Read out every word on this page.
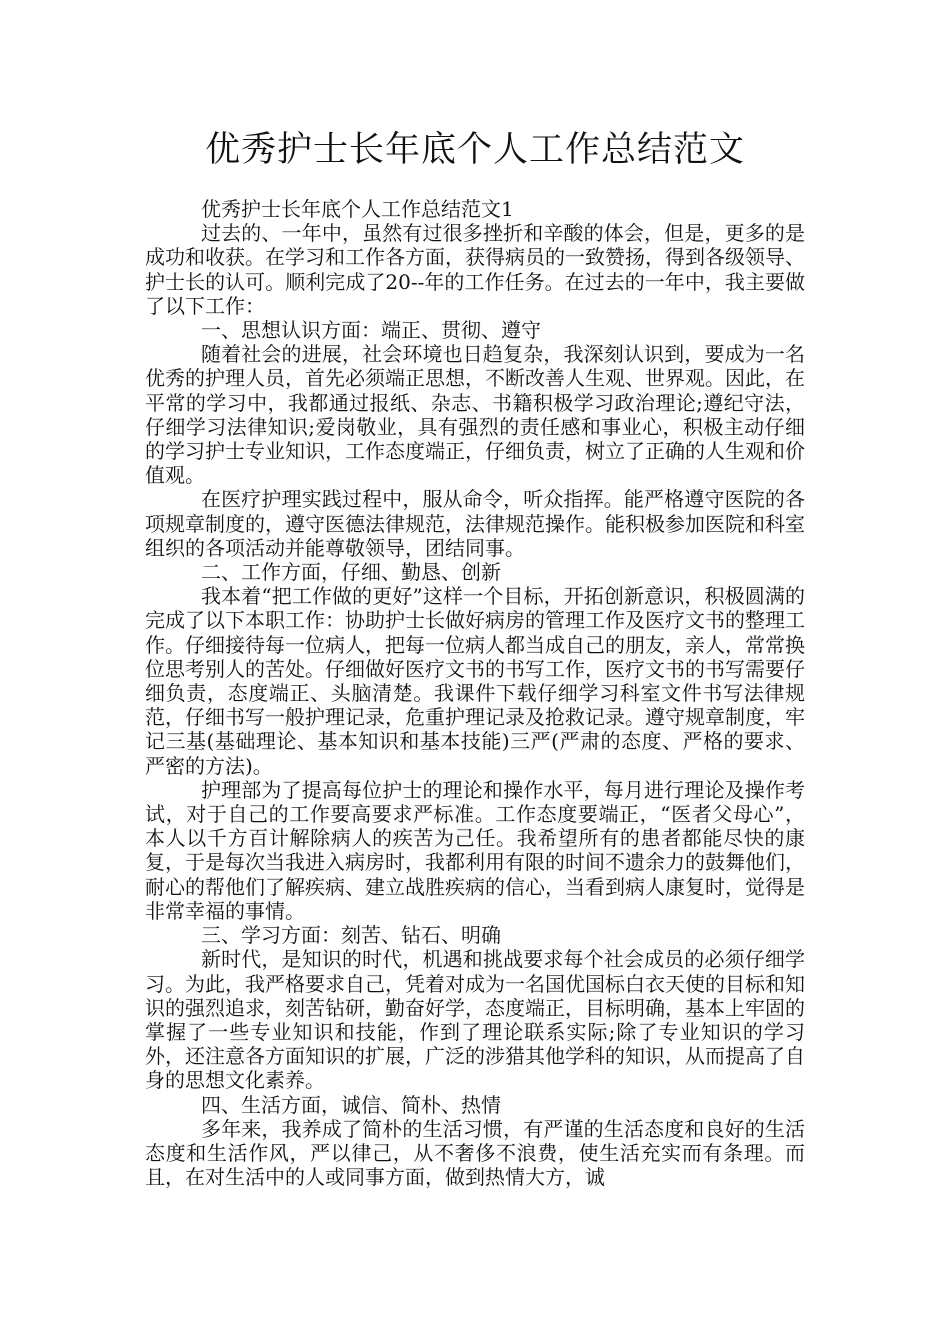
优秀护士长年底个人工作总结范文

优秀护士长年底个人工作总结范文1

过去的、一年中，虽然有过很多挫折和辛酸的体会，但是，更多的是成功和收获。在学习和工作各方面，获得病员的一致赞扬，得到各级领导、护士长的认可。顺利完成了20--年的工作任务。在过去的一年中，我主要做了以下工作：

一、思想认识方面：端正、贯彻、遵守

随着社会的进展，社会环境也日趋复杂，我深刻认识到，要成为一名优秀的护理人员，首先必须端正思想，不断改善人生观、世界观。因此，在平常的学习中，我都通过报纸、杂志、书籍积极学习政治理论;遵纪守法，仔细学习法律知识;爱岗敬业，具有强烈的责任感和事业心，积极主动仔细的学习护士专业知识，工作态度端正，仔细负责，树立了正确的人生观和价值观。

在医疗护理实践过程中，服从命令，听众指挥。能严格遵守医院的各项规章制度的，遵守医德法律规范，法律规范操作。能积极参加医院和科室组织的各项活动并能尊敬领导，团结同事。

二、工作方面，仔细、勤恳、创新

我本着“把工作做的更好”这样一个目标，开拓创新意识，积极圆满的完成了以下本职工作：协助护士长做好病房的管理工作及医疗文书的整理工作。仔细接待每一位病人，把每一位病人都当成自己的朋友，亲人，常常换位思考别人的苦处。仔细做好医疗文书的书写工作，医疗文书的书写需要仔细负责，态度端正、头脑清楚。我课件下载仔细学习科室文件书写法律规范，仔细书写一般护理记录，危重护理记录及抢救记录。遵守规章制度，牢记三基(基础理论、基本知识和基本技能)三严(严肃的态度、严格的要求、严密的方法)。

护理部为了提高每位护士的理论和操作水平，每月进行理论及操作考试，对于自己的工作要高要求严标准。工作态度要端正，“医者父母心”，本人以千方百计解除病人的疾苦为己任。我希望所有的患者都能尽快的康复，于是每次当我进入病房时，我都利用有限的时间不遗余力的鼓舞他们，耐心的帮他们了解疾病、建立战胜疾病的信心，当看到病人康复时，觉得是非常幸福的事情。

三、学习方面：刻苦、钻石、明确

新时代，是知识的时代，机遇和挑战要求每个社会成员的必须仔细学习。为此，我严格要求自己，凭着对成为一名国优国标白衣天使的目标和知识的强烈追求，刻苦钻研，勤奋好学，态度端正，目标明确，基本上牢固的掌握了一些专业知识和技能，作到了理论联系实际;除了专业知识的学习外，还注意各方面知识的扩展，广泛的涉猎其他学科的知识，从而提高了自身的思想文化素养。

四、生活方面，诚信、简朴、热情

多年来，我养成了简朴的生活习惯，有严谨的生活态度和良好的生活态度和生活作风，严以律己，从不奢侈不浪费，使生活充实而有条理。而且，在对生活中的人或同事方面，做到热情大方，诚
